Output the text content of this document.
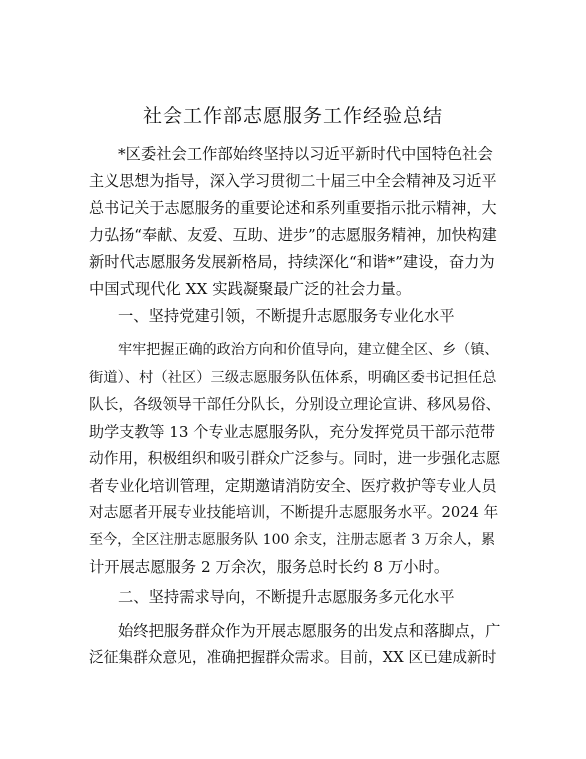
社会工作部志愿服务工作经验总结
*区委社会工作部始终坚持以习近平新时代中国特色社会
主义思想为指导，深入学习贯彻二十届三中全会精神及习近平
总书记关于志愿服务的重要论述和系列重要指示批示精神，大
力弘扬“奉献、友爱、互助、进步”的志愿服务精神，加快构建
新时代志愿服务发展新格局，持续深化“和谐*”建设，奋力为
中国式现代化 XX 实践凝聚最广泛的社会力量。
一、坚持党建引领，不断提升志愿服务专业化水平
牢牢把握正确的政治方向和价值导向，建立健全区、乡（镇、
街道）、村（社区）三级志愿服务队伍体系，明确区委书记担任总
队长，各级领导干部任分队长，分别设立理论宣讲、移风易俗、
助学支教等 13 个专业志愿服务队，充分发挥党员干部示范带
动作用，积极组织和吸引群众广泛参与。同时，进一步强化志愿
者专业化培训管理，定期邀请消防安全、医疗救护等专业人员
对志愿者开展专业技能培训，不断提升志愿服务水平。2024 年
至今，全区注册志愿服务队 100 余支，注册志愿者 3 万余人，累
计开展志愿服务 2 万余次，服务总时长约 8 万小时。
二、坚持需求导向，不断提升志愿服务多元化水平
始终把服务群众作为开展志愿服务的出发点和落脚点，广
泛征集群众意见，准确把握群众需求。目前，XX 区已建成新时
